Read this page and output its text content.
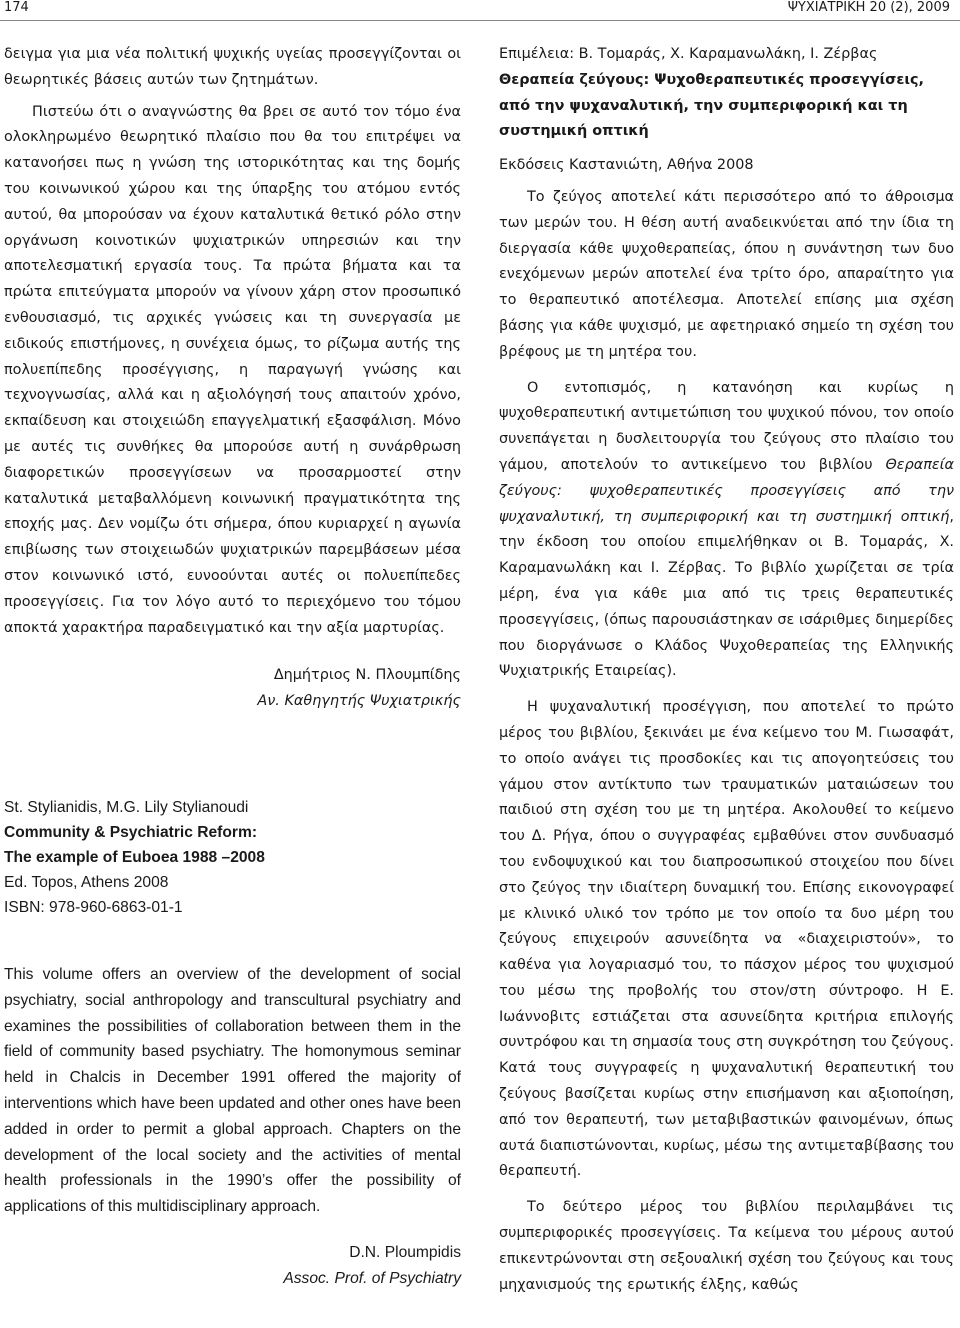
174	ΨΥΧΙΑΤΡΙΚΗ 20 (2), 2009

δειγμα για μια νέα πολιτική ψυχικής υγείας προσεγγίζονται οι θεωρητικές βάσεις αυτών των ζητημάτων.

Πιστεύω ότι ο αναγνώστης θα βρει σε αυτό τον τόμο ένα ολοκληρωμένο θεωρητικό πλαίσιο που θα του επιτρέψει να κατανοήσει πως η γνώση της ιστορικότητας και της δομής του κοινωνικού χώρου και της ύπαρξης του ατόμου εντός αυτού, θα μπορούσαν να έχουν καταλυτικά θετικό ρόλο στην οργάνωση κοινοτικών ψυχιατρικών υπηρεσιών και την αποτελεσματική εργασία τους. Τα πρώτα βήματα και τα πρώτα επιτεύγματα μπορούν να γίνουν χάρη στον προσωπικό ενθουσιασμό, τις αρχικές γνώσεις και τη συνεργασία με ειδικούς επιστήμονες, η συνέχεια όμως, το ρίζωμα αυτής της πολυεπίπεδης προσέγγισης, η παραγωγή γνώσης και τεχνογνωσίας, αλλά και η αξιολόγησή τους απαιτούν χρόνο, εκπαίδευση και στοιχειώδη επαγγελματική εξασφάλιση. Μόνο με αυτές τις συνθήκες θα μπορούσε αυτή η συνάρθρωση διαφορετικών προσεγγίσεων να προσαρμοστεί στην καταλυτικά μεταβαλλόμενη κοινωνική πραγματικότητα της εποχής μας. Δεν νομίζω ότι σήμερα, όπου κυριαρχεί η αγωνία επιβίωσης των στοιχειωδών ψυχιατρικών παρεμβάσεων μέσα στον κοινωνικό ιστό, ευνοούνται αυτές οι πολυεπίπεδες προσεγγίσεις. Για τον λόγο αυτό το περιεχόμενο του τόμου αποκτά χαρακτήρα παραδειγματικό και την αξία μαρτυρίας.

Δημήτριος Ν. Πλουμπίδης
Αν. Καθηγητής Ψυχιατρικής
St. Stylianidis, M.G. Lily Stylianoudi
Community & Psychiatric Reform:
The example of Euboea 1988 –2008
Ed. Topos, Athens 2008
ISBN: 978-960-6863-01-1

This volume offers an overview of the development of social psychiatry, social anthropology and transcultural psychiatry and examines the possibilities of collaboration between them in the field of community based psychiatry. The homonymous seminar held in Chalcis in December 1991 offered the majority of interventions which have been updated and other ones have been added in order to permit a global approach. Chapters on the development of the local society and the activities of mental health professionals in the 1990’s offer the possibility of applications of this multidisciplinary approach.

D.N. Ploumpidis
Assoc. Prof. of Psychiatry
Επιμέλεια: Β. Τομαράς, Χ. Καραμανωλάκη, Ι. Ζέρβας
Θεραπεία ζεύγους: Ψυχοθεραπευτικές προσεγγίσεις, από την ψυχαναλυτική, την συμπεριφορική και τη συστημική οπτική
Εκδόσεις Καστανιώτη, Αθήνα 2008

Το ζεύγος αποτελεί κάτι περισσότερο από το άθροισμα των μερών του. Η θέση αυτή αναδεικνύεται από την ίδια τη διεργασία κάθε ψυχοθεραπείας, όπου η συνάντηση των δυο ενεχόμενων μερών αποτελεί ένα τρίτο όρο, απαραίτητο για το θεραπευτικό αποτέλεσμα. Αποτελεί επίσης μια σχέση βάσης για κάθε ψυχισμό, με αφετηριακό σημείο τη σχέση του βρέφους με τη μητέρα του.

Ο εντοπισμός, η κατανόηση και κυρίως η ψυχοθεραπευτική αντιμετώπιση του ψυχικού πόνου, τον οποίο συνεπάγεται η δυσλειτουργία του ζεύγους στο πλαίσιο του γάμου, αποτελούν το αντικείμενο του βιβλίου Θεραπεία ζεύγους: ψυχοθεραπευτικές προσεγγίσεις από την ψυχαναλυτική, τη συμπεριφορική και τη συστημική οπτική, την έκδοση του οποίου επιμελήθηκαν οι Β. Τομαράς, Χ. Καραμανωλάκη και Ι. Ζέρβας. Το βιβλίο χωρίζεται σε τρία μέρη, ένα για κάθε μια από τις τρεις θεραπευτικές προσεγγίσεις, (όπως παρουσιάστηκαν σε ισάριθμες διημερίδες που διοργάνωσε ο Κλάδος Ψυχοθεραπείας της Ελληνικής Ψυχιατρικής Εταιρείας).

Η ψυχαναλυτική προσέγγιση, που αποτελεί το πρώτο μέρος του βιβλίου, ξεκινάει με ένα κείμενο του Μ. Γιωσαφάτ, το οποίο ανάγει τις προσδοκίες και τις απογοητεύσεις του γάμου στον αντίκτυπο των τραυματικών ματαιώσεων του παιδιού στη σχέση του με τη μητέρα. Ακολουθεί το κείμενο του Δ. Ρήγα, όπου ο συγγραφέας εμβαθύνει στον συνδυασμό του ενδοψυχικού και του διαπροσωπικού στοιχείου που δίνει στο ζεύγος την ιδιαίτερη δυναμική του. Επίσης εικονογραφεί με κλινικό υλικό τον τρόπο με τον οποίο τα δυο μέρη του ζεύγους επιχειρούν ασυνείδητα να «διαχειριστούν», το καθένα για λογαριασμό του, το πάσχον μέρος του ψυχισμού του μέσω της προβολής του στον/στη σύντροφο. Η Ε. Ιωάννοβιτς εστιάζεται στα ασυνείδητα κριτήρια επιλογής συντρόφου και τη σημασία τους στη συγκρότηση του ζεύγους. Κατά τους συγγραφείς η ψυχαναλυτική θεραπευτική του ζεύγους βασίζεται κυρίως στην επισήμανση και αξιοποίηση, από τον θεραπευτή, των μεταβιβαστικών φαινομένων, όπως αυτά διαπιστώνονται, κυρίως, μέσω της αντιμεταβίβασης του θεραπευτή.

Το δεύτερο μέρος του βιβλίου περιλαμβάνει τις συμπεριφορικές προσεγγίσεις. Τα κείμενα του μέρους αυτού επικεντρώνονται στη σεξουαλική σχέση του ζεύγους και τους μηχανισμούς της ερωτικής έλξης, καθώς
